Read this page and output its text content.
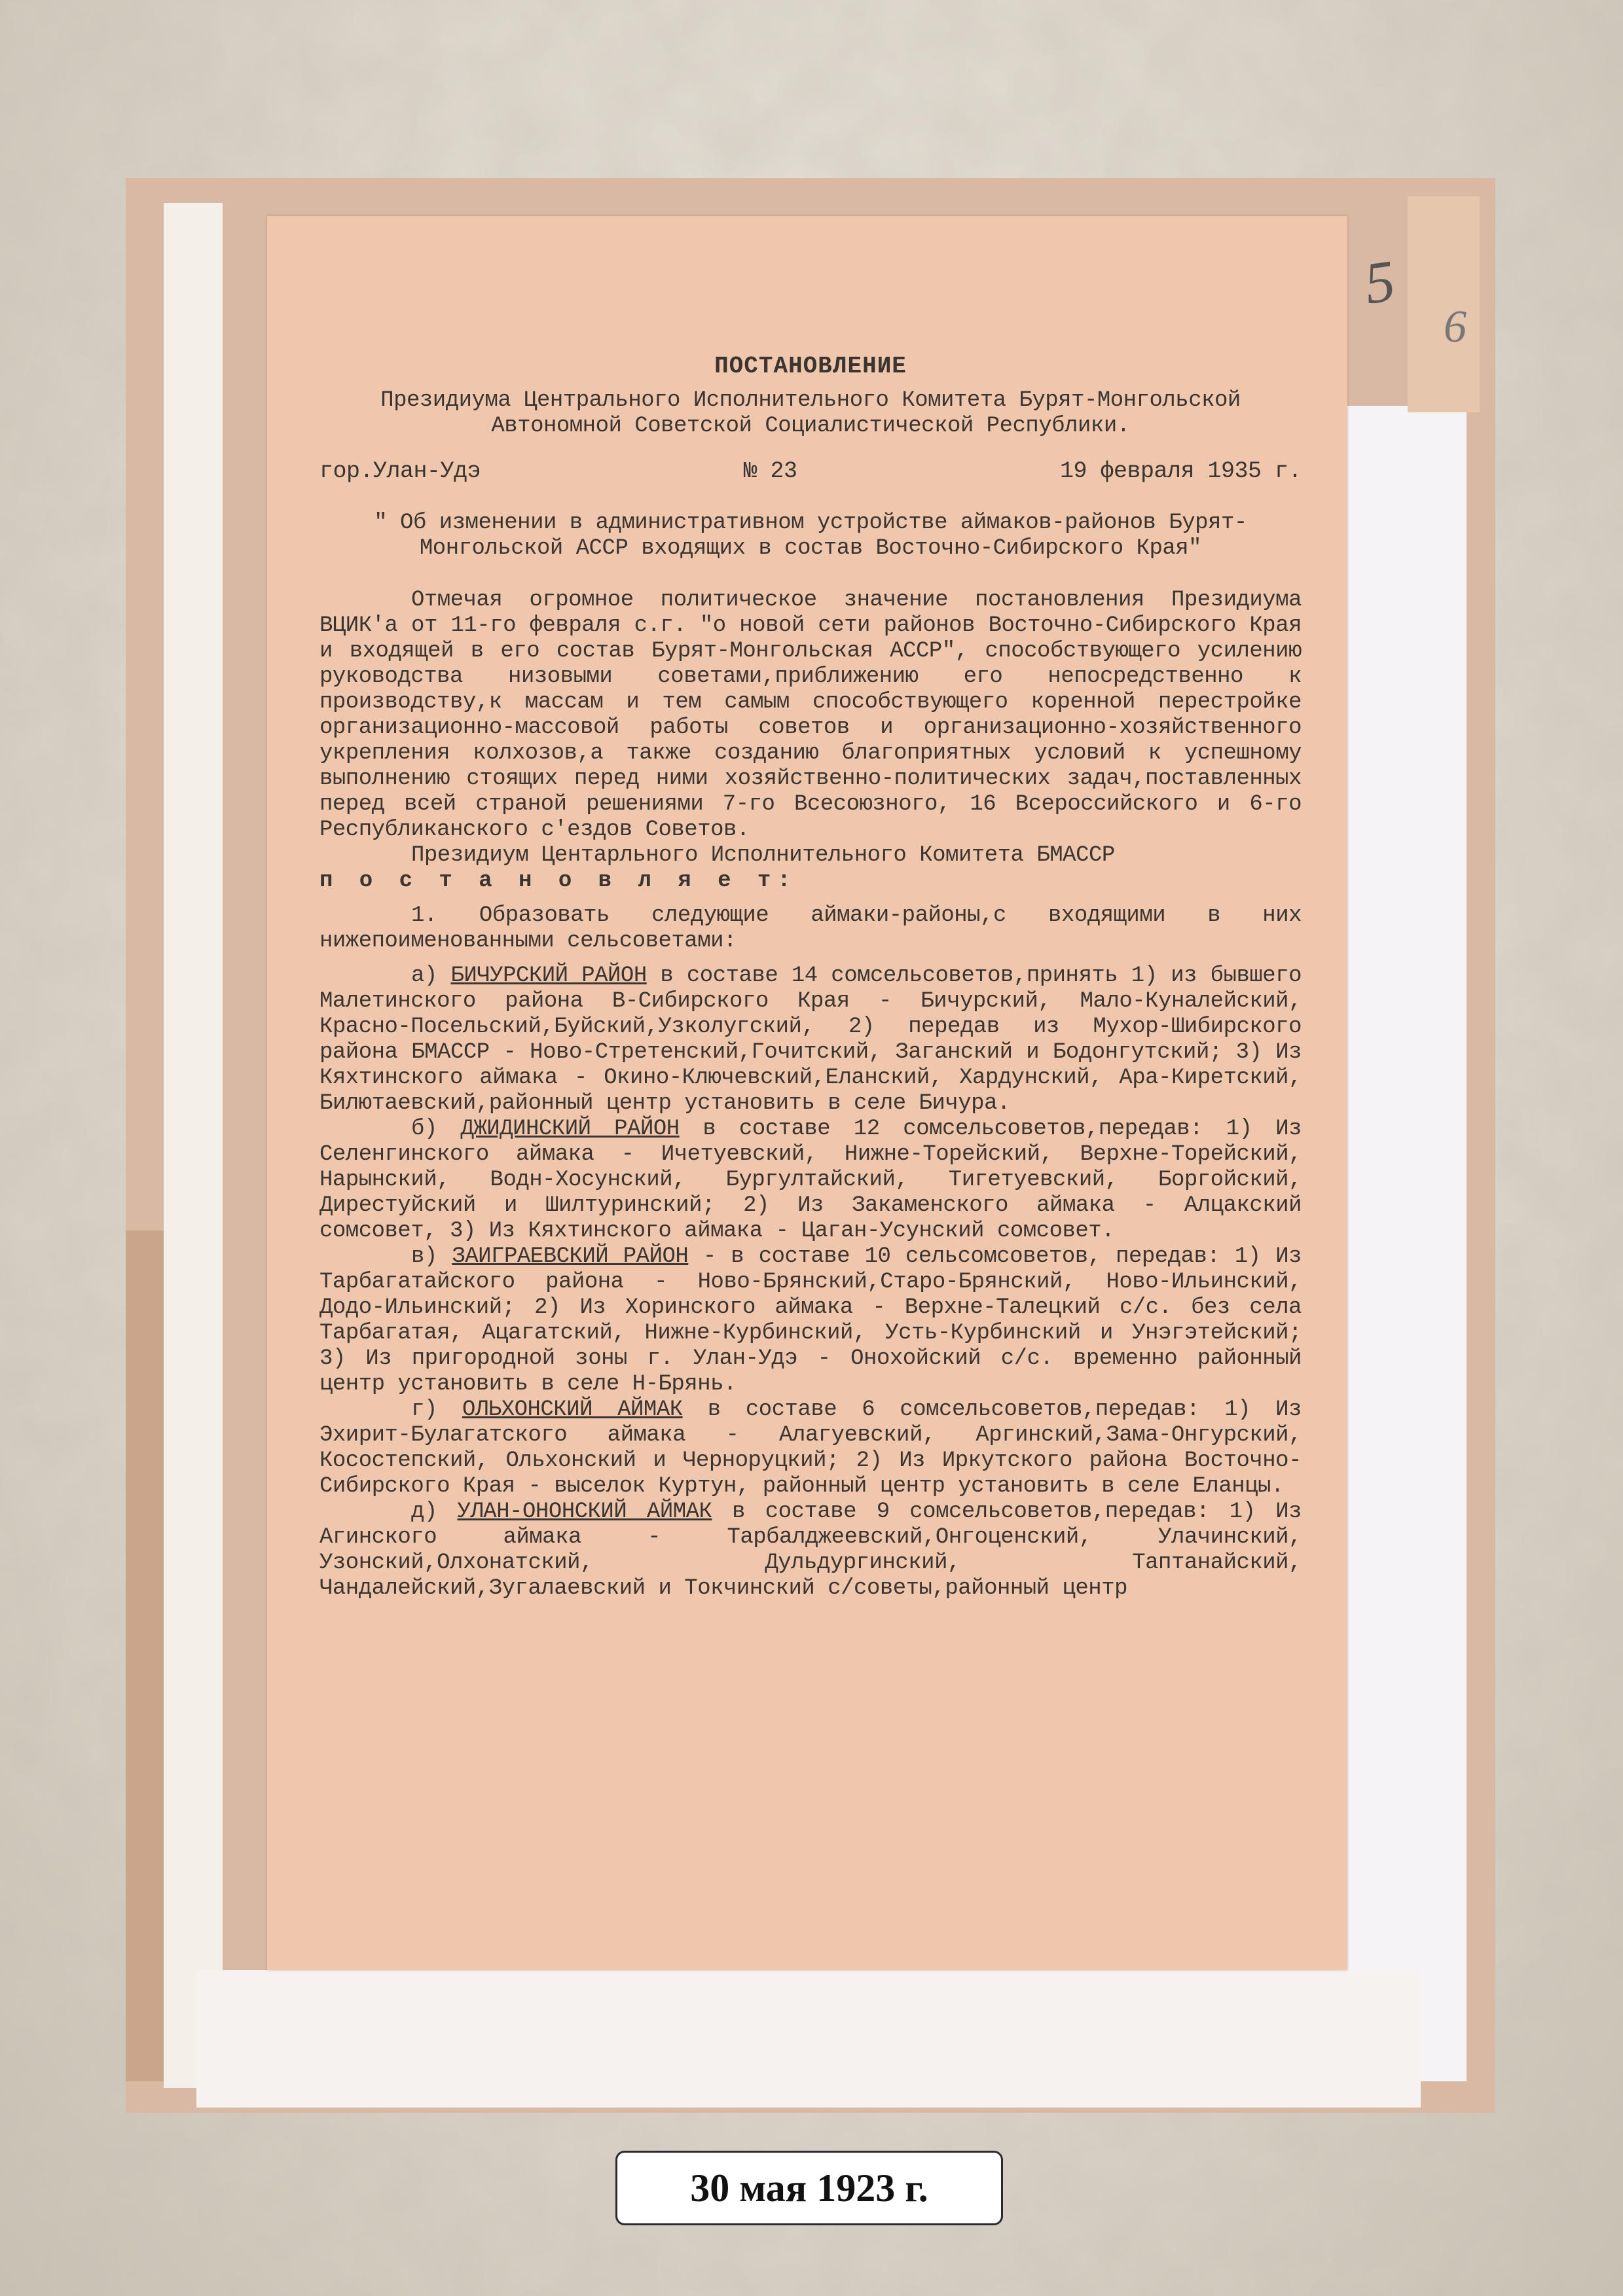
5
6
ПОСТАНОВЛЕНИЕ
Президиума Центрального Исполнительного Комитета Бурят-Монгольской Автономной Советской Социалистической Республики.
гор.Улан-Удэ	№ 23	19 февраля 1935 г.
" Об изменении в административном устройстве аймаков-районов Бурят-Монгольской АССР входящих в состав Восточно-Сибирского Края"

Отмечая огромное политическое значение постановления Президиума ВЦИК'а от 11-го февраля с.г. "о новой сети районов Восточно-Сибирского Края и входящей в его состав Бурят-Монгольская АССР", способствующего усилению руководства низовыми советами,приближению его непосредственно к производству,к массам и тем самым способствующего коренной перестройке организационно-массовой работы советов и организационно-хозяйственного укрепления колхозов,а также созданию благоприятных условий к успешному выполнению стоящих перед ними хозяйственно-политических задач,поставленных перед всей страной решениями 7-го Всесоюзного, 16 Всероссийского и 6-го Республиканского с'ездов Советов.

Президиум Центарльного Исполнительного Комитета БМАССР

п о с т а н о в л я е т:

1. Образовать следующие аймаки-районы,с входящими в них нижепоименованными сельсоветами:

а) БИЧУРСКИЙ РАЙОН в составе 14 сомсельсоветов,принять 1) из бывшего Малетинского района В-Сибирского Края - Бичурский, Мало-Куналейский, Красно-Посельский,Буйский,Узколугский, 2) передав из Мухор-Шибирского района БМАССР - Ново-Стретенский,Гочитский, Заганский и Бодонгутский; 3) Из Кяхтинского аймака - Окино-Ключевский,Еланский, Хардунский, Ара-Киретский, Билютаевский,районный центр установить в селе Бичура.

б) ДЖИДИНСКИЙ РАЙОН в составе 12 сомсельсоветов,передав: 1) Из Селенгинского аймака - Ичетуевский, Нижне-Торейский, Верхне-Торейский, Нарынский, Водн-Хосунский, Бургултайский, Тигетуевский, Боргойский, Дирестуйский и Шилтуринский; 2) Из Закаменского аймака - Алцакский сомсовет, 3) Из Кяхтинского аймака - Цаган-Усунский сомсовет.

в) ЗАИГРАЕВСКИЙ РАЙОН - в составе 10 сельсомсоветов, передав: 1) Из Тарбагатайского района - Ново-Брянский,Старо-Брянский, Ново-Ильинский, Додо-Ильинский; 2) Из Хоринского аймака - Верхне-Талецкий с/с. без села Тарбагатая, Ацагатский, Нижне-Курбинский, Усть-Курбинский и Унэгэтейский; 3) Из пригородной зоны г. Улан-Удэ - Онохойский с/с. временно районный центр установить в селе Н-Брянь.

г) ОЛЬХОНСКИЙ АЙМАК в составе 6 сомсельсоветов,передав: 1) Из Эхирит-Булагатского аймака - Алагуевский, Аргинский,Зама-Онгурский, Косостепский, Ольхонский и Черноруцкий; 2) Из Иркутского района Восточно-Сибирского Края - выселок Куртун, районный центр установить в селе Еланцы.

д) УЛАН-ОНОНСКИЙ АЙМАК в составе 9 сомсельсоветов,передав: 1) Из Агинского аймака - Тарбалджеевский,Онгоценский, Улачинский, Узонский,Олхонатский, Дульдургинский, Таптанайский, Чандалейский,Зугалаевский и Токчинский с/советы,районный центр

30 мая 1923 г.
